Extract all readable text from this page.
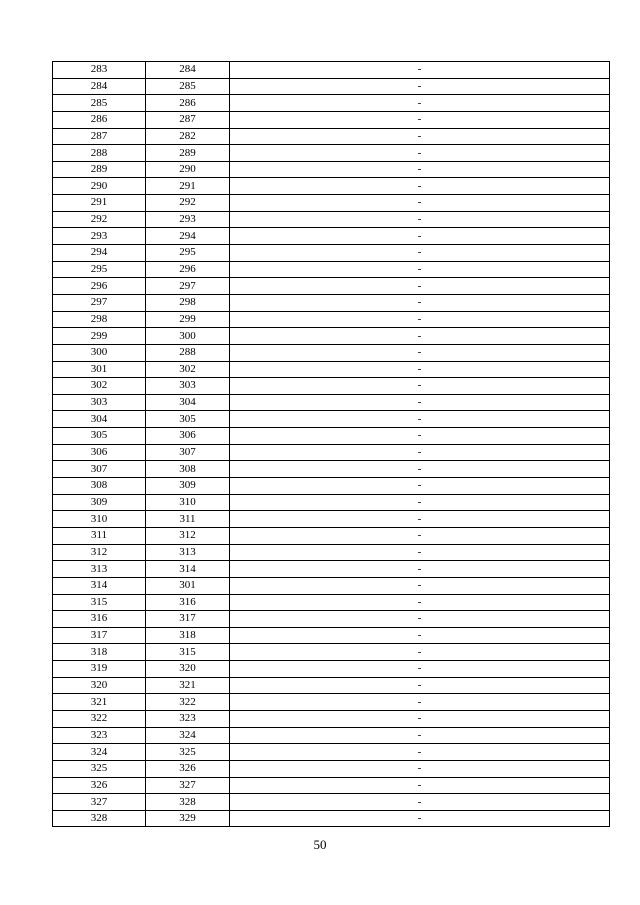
283	284	-
284	285	-
285	286	-
286	287	-
287	282	-
288	289	-
289	290	-
290	291	-
291	292	-
292	293	-
293	294	-
294	295	-
295	296	-
296	297	-
297	298	-
298	299	-
299	300	-
300	288	-
301	302	-
302	303	-
303	304	-
304	305	-
305	306	-
306	307	-
307	308	-
308	309	-
309	310	-
310	311	-
311	312	-
312	313	-
313	314	-
314	301	-
315	316	-
316	317	-
317	318	-
318	315	-
319	320	-
320	321	-
321	322	-
322	323	-
323	324	-
324	325	-
325	326	-
326	327	-
327	328	-
328	329	-
50
